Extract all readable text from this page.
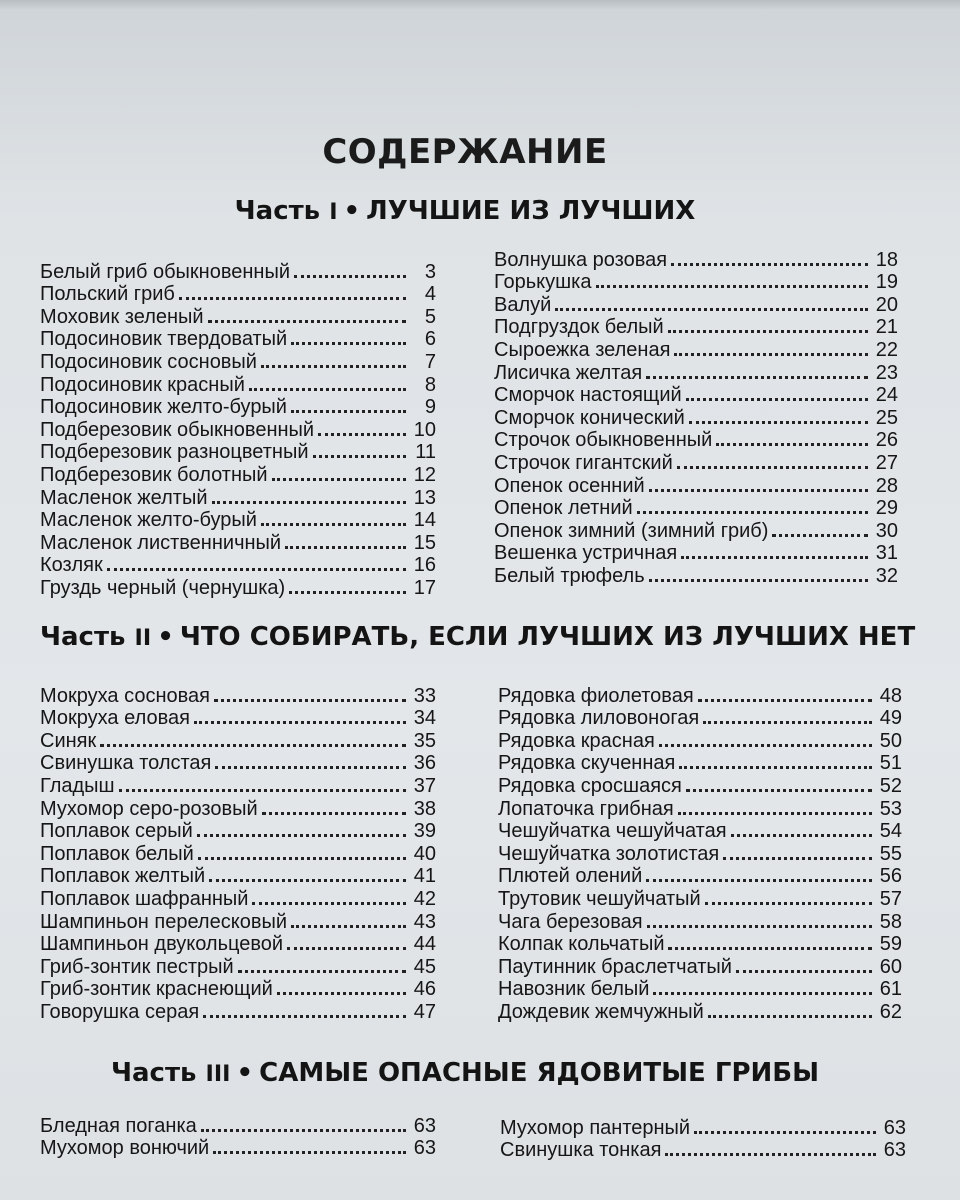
СОДЕРЖАНИЕ
Часть I • ЛУЧШИЕ ИЗ ЛУЧШИХ
Белый гриб обыкновенный	3
Польский гриб	4
Моховик зеленый	5
Подосиновик твердоватый	6
Подосиновик сосновый	7
Подосиновик красный	8
Подосиновик желто-бурый	9
Подберезовик обыкновенный	10
Подберезовик разноцветный	11
Подберезовик болотный	12
Масленок желтый	13
Масленок желто-бурый	14
Масленок лиственничный	15
Козляк	16
Груздь черный (чернушка)	17
Волнушка розовая	18
Горькушка	19
Валуй	20
Подгруздок белый	21
Сыроежка зеленая	22
Лисичка желтая	23
Сморчок настоящий	24
Сморчок конический	25
Строчок обыкновенный	26
Строчок гигантский	27
Опенок осенний	28
Опенок летний	29
Опенок зимний (зимний гриб)	30
Вешенка устричная	31
Белый трюфель	32
Часть II • ЧТО СОБИРАТЬ, ЕСЛИ ЛУЧШИХ ИЗ ЛУЧШИХ НЕТ
Мокруха сосновая	33
Мокруха еловая	34
Синяк	35
Свинушка толстая	36
Гладыш	37
Мухомор серо-розовый	38
Поплавок серый	39
Поплавок белый	40
Поплавок желтый	41
Поплавок шафранный	42
Шампиньон перелесковый	43
Шампиньон двукольцевой	44
Гриб-зонтик пестрый	45
Гриб-зонтик краснеющий	46
Говорушка серая	47
Рядовка фиолетовая	48
Рядовка лиловоногая	49
Рядовка красная	50
Рядовка скученная	51
Рядовка сросшаяся	52
Лопаточка грибная	53
Чешуйчатка чешуйчатая	54
Чешуйчатка золотистая	55
Плютей олений	56
Трутовик чешуйчатый	57
Чага березовая	58
Колпак кольчатый	59
Паутинник браслетчатый	60
Навозник белый	61
Дождевик жемчужный	62
Часть III • САМЫЕ ОПАСНЫЕ ЯДОВИТЫЕ ГРИБЫ
Бледная поганка	63
Мухомор вонючий	63
Мухомор пантерный	63
Свинушка тонкая	63
